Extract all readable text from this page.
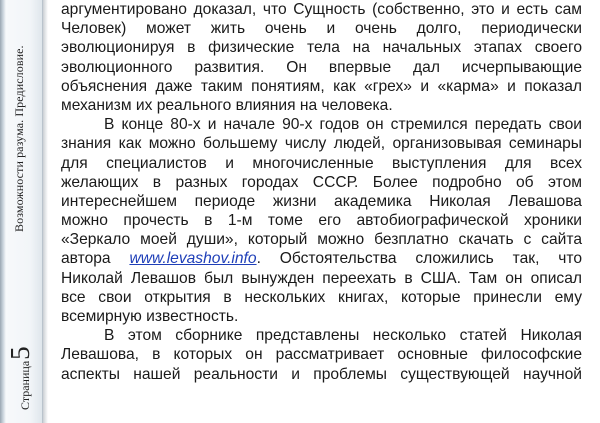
Возможности разума. Предисловие.
Страница5
аргументировано доказал, что Сущность (собственно, это и есть сам
Человек) может жить очень и очень долго, периодически
эволюционируя в физические тела на начальных этапах своего
эволюционного развития. Он впервые дал исчерпывающие
объяснения даже таким понятиям, как «грех» и «карма» и показал
механизм их реального влияния на человека.
В конце 80-х и начале 90-х годов он стремился передать свои
знания как можно большему числу людей, организовывая семинары
для специалистов и многочисленные выступления для всех
желающих в разных городах СССР. Более подробно об этом
интереснейшем периоде жизни академика Николая Левашова
можно прочесть в 1-м томе его автобиографической хроники
«Зеркало моей души», который можно безплатно скачать с сайта
автора www.levashov.info. Обстоятельства сложились так, что
Николай Левашов был вынужден переехать в США. Там он описал
все свои открытия в нескольких книгах, которые принесли ему
всемирную известность.
В этом сборнике представлены несколько статей Николая
Левашова, в которых он рассматривает основные философские
аспекты нашей реальности и проблемы существующей научной
